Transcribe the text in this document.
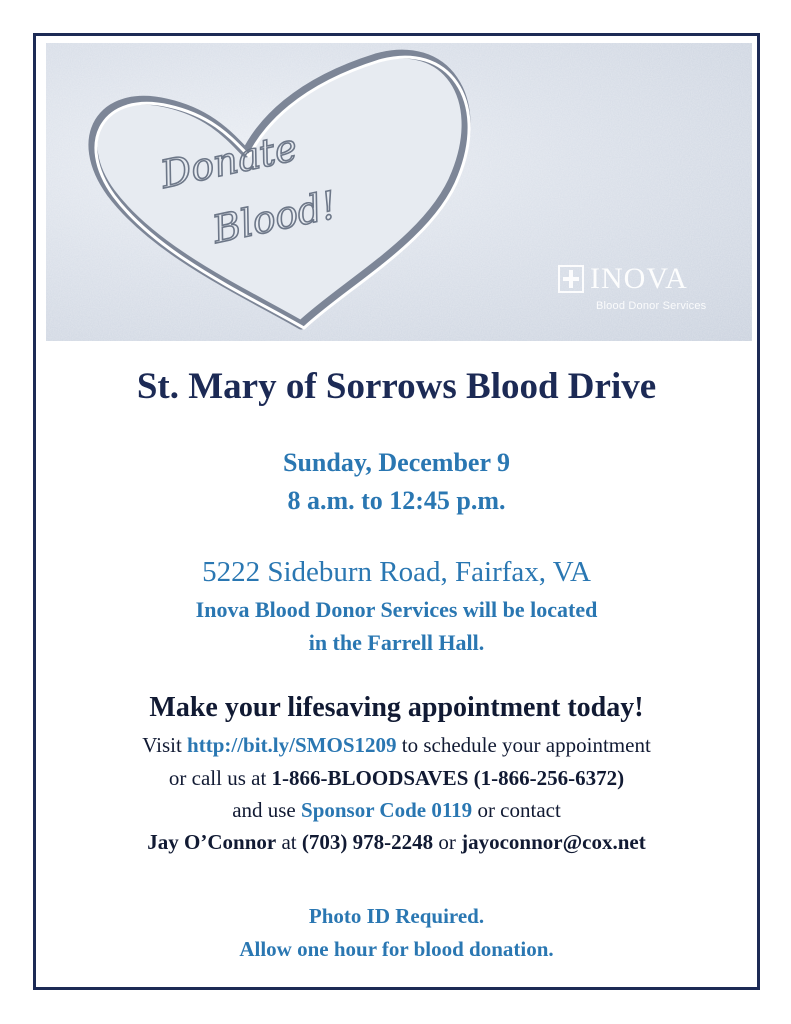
Donate
Blood!
INOVA
Blood Donor Services
St. Mary of Sorrows Blood Drive
Sunday, December 9
8 a.m. to 12:45 p.m.
5222 Sideburn Road, Fairfax, VA
Inova Blood Donor Services will be located
in the Farrell Hall.
Make your lifesaving appointment today!
Visit http://bit.ly/SMOS1209 to schedule your appointment
or call us at 1-866-BLOODSAVES (1-866-256-6372)
and use Sponsor Code 0119 or contact
Jay O’Connor at (703) 978-2248 or jayoconnor@cox.net
Photo ID Required.
Allow one hour for blood donation.
